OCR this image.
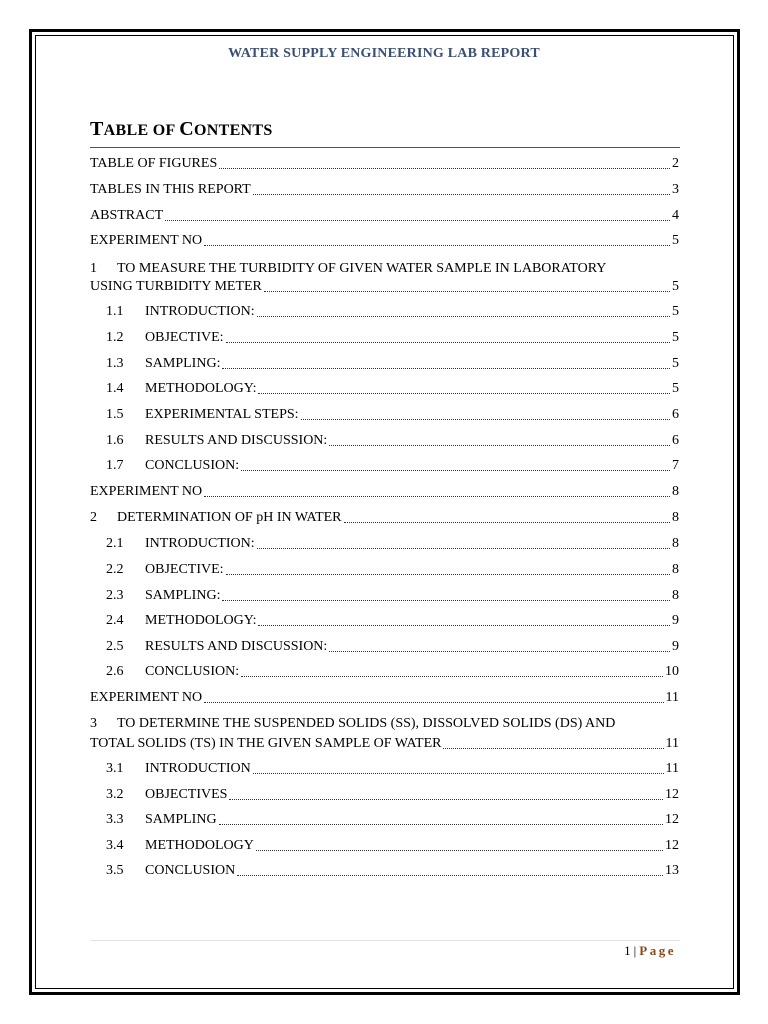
WATER SUPPLY ENGINEERING LAB REPORT
TABLE OF CONTENTS
TABLE OF FIGURES	2
TABLES IN THIS REPORT	3
ABSTRACT	4
EXPERIMENT NO	5
1 TO MEASURE THE TURBIDITY OF GIVEN WATER SAMPLE IN LABORATORY
USING TURBIDITY METER	5
1.1	INTRODUCTION:	5
1.2	OBJECTIVE:	5
1.3	SAMPLING:	5
1.4	METHODOLOGY:	5
1.5	EXPERIMENTAL STEPS:	6
1.6	RESULTS AND DISCUSSION:	6
1.7	CONCLUSION:	7
EXPERIMENT NO	8
2	DETERMINATION OF pH IN WATER	8
2.1	INTRODUCTION:	8
2.2	OBJECTIVE:	8
2.3	SAMPLING:	8
2.4	METHODOLOGY:	9
2.5	RESULTS AND DISCUSSION:	9
2.6	CONCLUSION:	10
EXPERIMENT NO	11
3 TO DETERMINE THE SUSPENDED SOLIDS (SS), DISSOLVED SOLIDS (DS) AND
TOTAL SOLIDS (TS) IN THE GIVEN SAMPLE OF WATER	11
3.1	INTRODUCTION	11
3.2	OBJECTIVES	12
3.3	SAMPLING	12
3.4	METHODOLOGY	12
3.5	CONCLUSION	13
1 | Page
